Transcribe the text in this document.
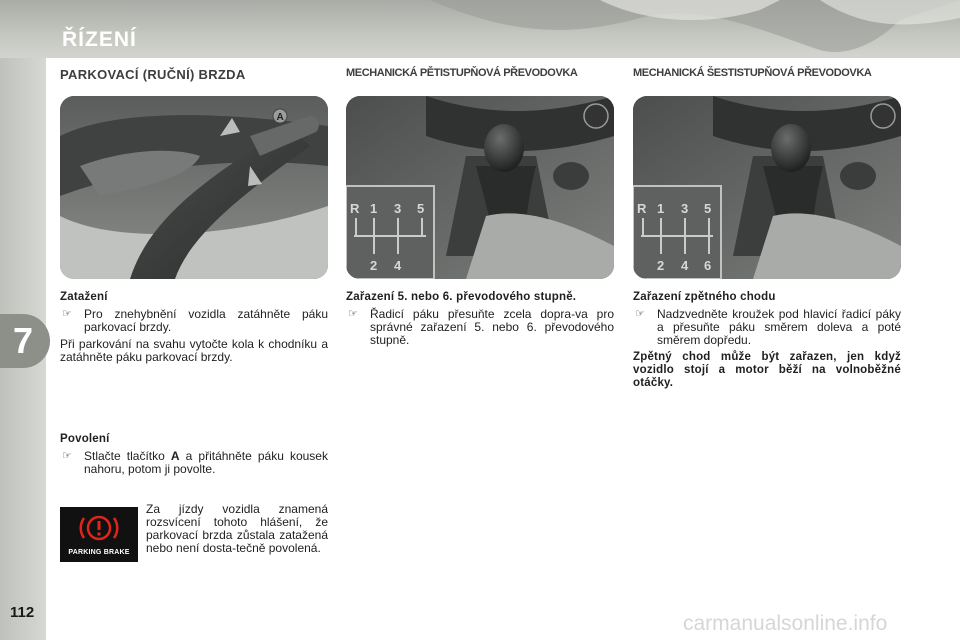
ŘÍZENÍ
7
112
PARKOVACÍ (RUČNÍ) BRZDA	MECHANICKÁ PĚTISTUPŇOVÁ PŘEVODOVKA	MECHANICKÁ ŠESTISTUPŇOVÁ PŘEVODOVKA
A
R 1 3 5
2 4
R 1 3 5
2 4 6
Zatažení
☞ Pro znehybnění vozidla zatáhněte páku parkovací brzdy.
Při parkování na svahu vytočte kola k chodníku a zatáhněte páku parkovací brzdy.
Povolení
☞ Stlačte tlačítko A a přitáhněte páku kousek nahoru, potom ji povolte.
PARKING BRAKE
Za jízdy vozidla znamená rozsvícení tohoto hlášení, že parkovací brzda zůstala zatažená nebo není dosta-tečně povolená.
Zařazení 5. nebo 6. převodového stupně.
☞ Řadicí páku přesuňte zcela dopra-va pro správné zařazení 5. nebo 6. převodového stupně.
Zařazení zpětného chodu
☞ Nadzvedněte kroužek pod hlavicí řadicí páky a přesuňte páku směrem doleva a poté směrem dopředu.
Zpětný chod může být zařazen, jen když vozidlo stojí a motor běží na volnoběžné otáčky.
carmanualsonline.info
